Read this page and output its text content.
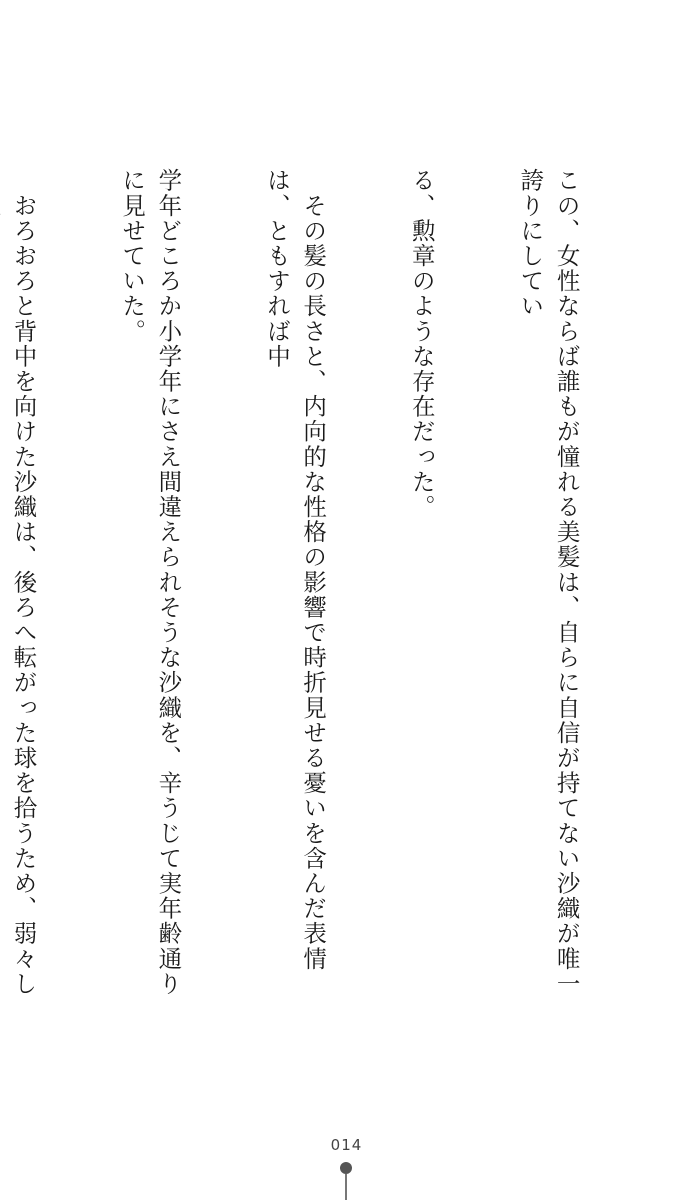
この、女性ならば誰もが憧れる美髪は、自らに自信が持てない沙織が唯一誇りにしてい

る、勲章のような存在だった。

　その髪の長さと、内向的な性格の影響で時折見せる憂いを含んだ表情は、ともすれば中

学年どころか小学年にさえ間違えられそうな沙織を、辛うじて実年齢通りに見せていた。

　おろおろと背中を向けた沙織は、後ろへ転がった球を拾うため、弱々し

014
